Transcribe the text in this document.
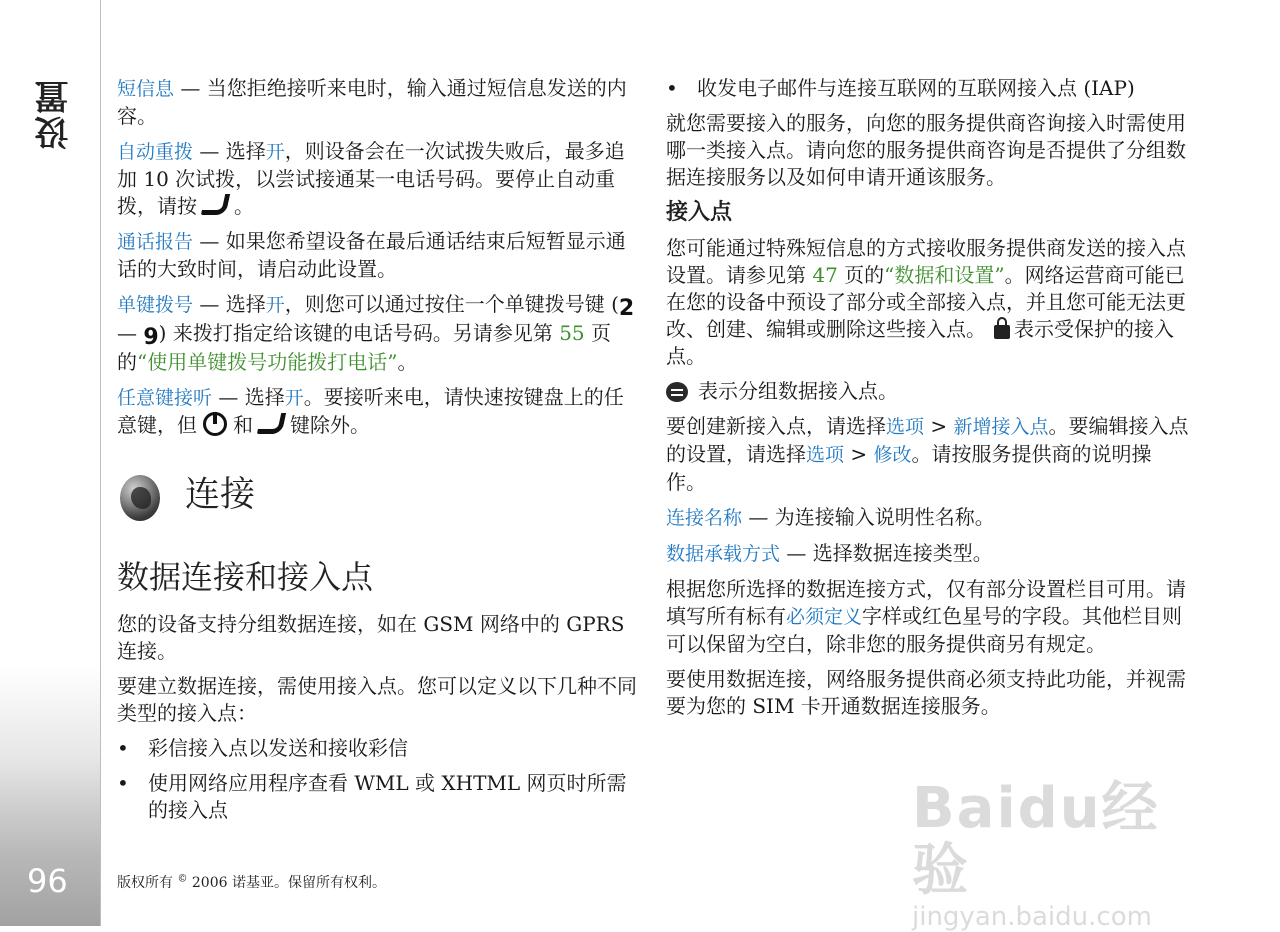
设置
96

短信息 — 当您拒绝接听来电时，输入通过短信息发送的内容。

自动重拨 — 选择开，则设备会在一次试拨失败后，最多追加 10 次试拨，以尝试接通某一电话号码。要停止自动重拨，请按 。

通话报告 — 如果您希望设备在最后通话结束后短暂显示通话的大致时间，请启动此设置。

单键拨号 — 选择开，则您可以通过按住一个单键拨号键 (2 — 9) 来拨打指定给该键的电话号码。另请参见第 55 页的“使用单键拨号功能拨打电话”。

任意键接听 — 选择开。要接听来电，请快速按键盘上的任意键，但 和 键除外。

连接
数据连接和接入点

您的设备支持分组数据连接，如在 GSM 网络中的 GPRS 连接。

要建立数据连接，需使用接入点。您可以定义以下几种不同类型的接入点：

• 彩信接入点以发送和接收彩信
• 使用网络应用程序查看 WML 或 XHTML 网页时所需的接入点
• 收发电子邮件与连接互联网的互联网接入点 (IAP)

就您需要接入的服务，向您的服务提供商咨询接入时需使用哪一类接入点。请向您的服务提供商咨询是否提供了分组数据连接服务以及如何申请开通该服务。

接入点

您可能通过特殊短信息的方式接收服务提供商发送的接入点设置。请参见第 47 页的“数据和设置”。网络运营商可能已在您的设备中预设了部分或全部接入点，并且您可能无法更改、创建、编辑或删除这些接入点。 表示受保护的接入点。

表示分组数据接入点。

要创建新接入点，请选择选项 > 新增接入点。要编辑接入点的设置，请选择选项 > 修改。请按服务提供商的说明操作。

连接名称 — 为连接输入说明性名称。

数据承载方式 — 选择数据连接类型。

根据您所选择的数据连接方式，仅有部分设置栏目可用。请填写所有标有必须定义字样或红色星号的字段。其他栏目则可以保留为空白，除非您的服务提供商另有规定。

要使用数据连接，网络服务提供商必须支持此功能，并视需要为您的 SIM 卡开通数据连接服务。

版权所有 © 2006 诺基亚。保留所有权利。
Baidu经验
jingyan.baidu.com
